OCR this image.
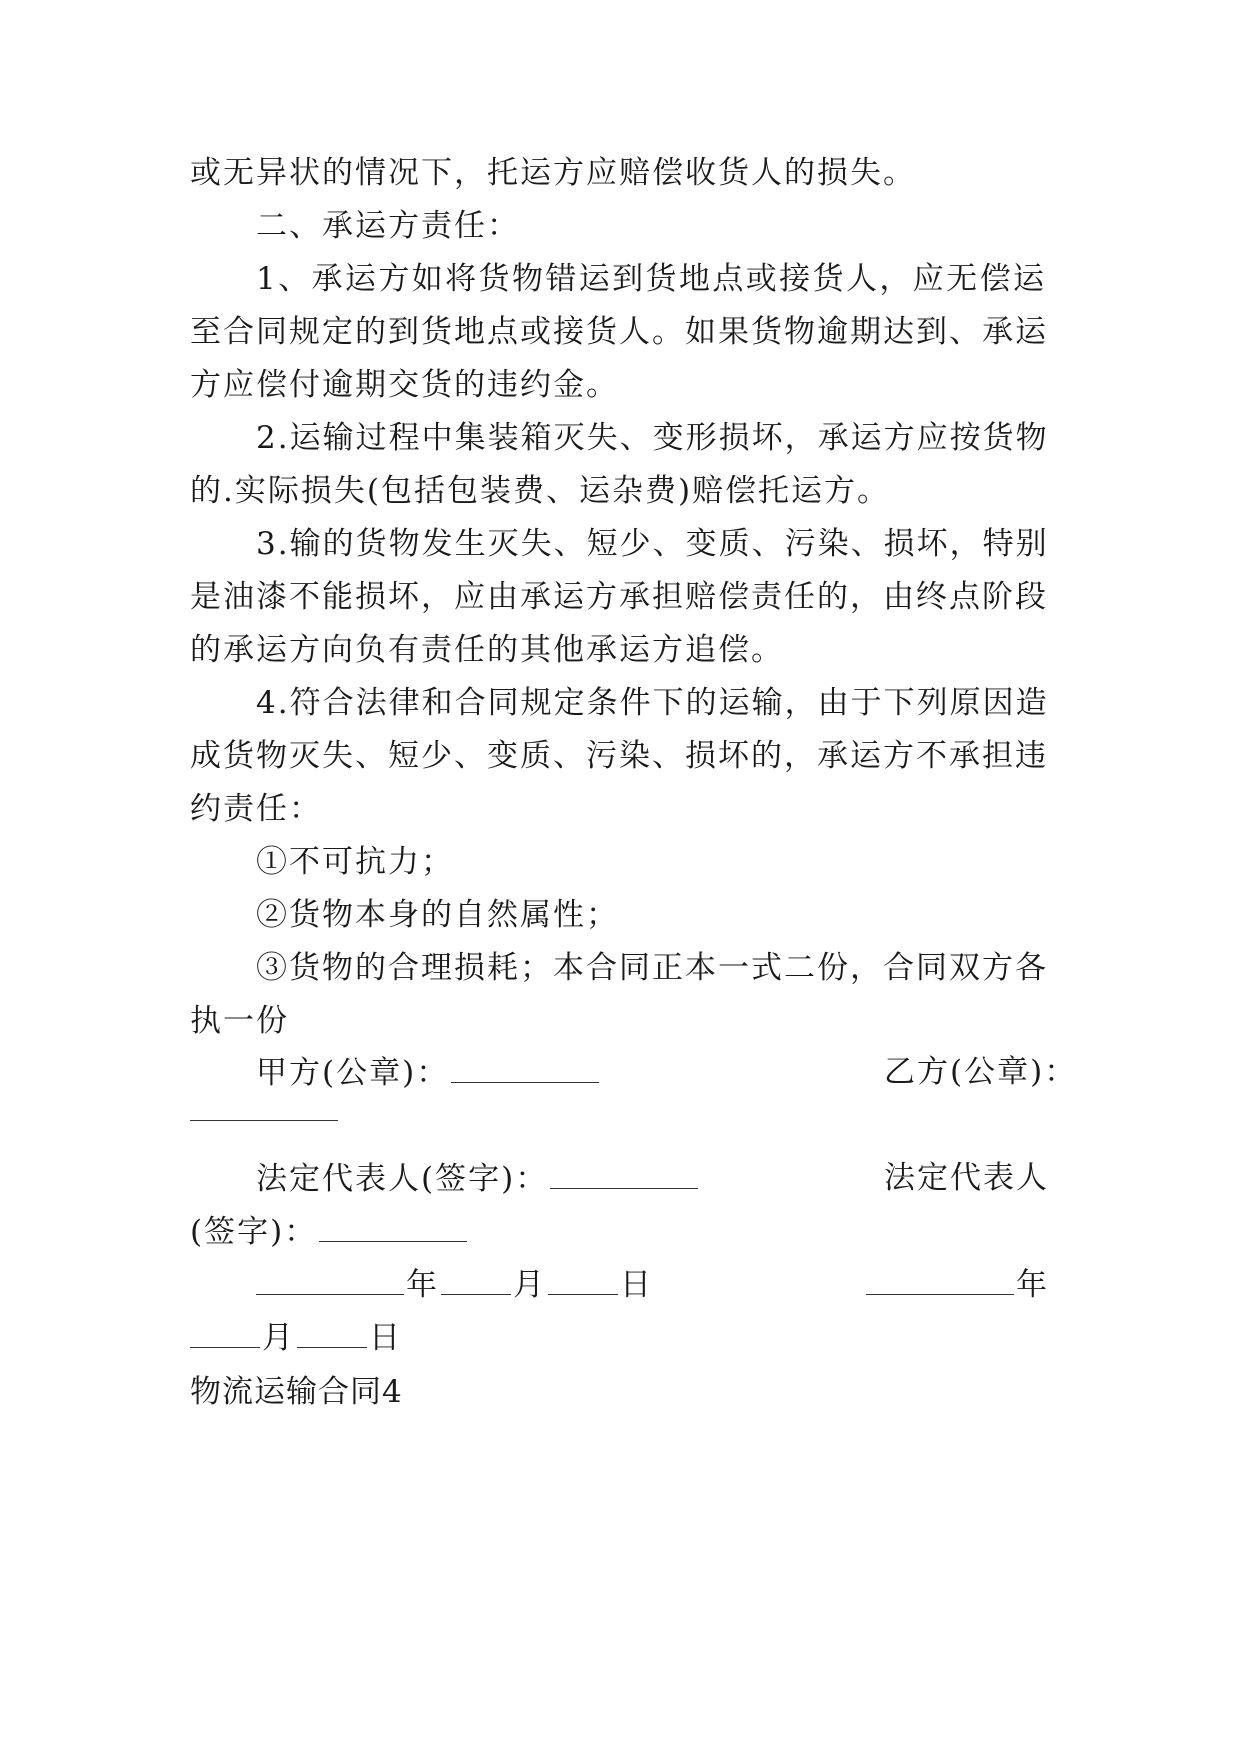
或无异状的情况下，托运方应赔偿收货人的损失。
二、承运方责任：
1、承运方如将货物错运到货地点或接货人，应无偿运
至合同规定的到货地点或接货人。如果货物逾期达到、承运
方应偿付逾期交货的违约金。
2.运输过程中集装箱灭失、变形损坏，承运方应按货物
的.实际损失(包括包装费、运杂费)赔偿托运方。
3.输的货物发生灭失、短少、变质、污染、损坏，特别
是油漆不能损坏，应由承运方承担赔偿责任的，由终点阶段
的承运方向负有责任的其他承运方追偿。
4.符合法律和合同规定条件下的运输，由于下列原因造
成货物灭失、短少、变质、污染、损坏的，承运方不承担违
约责任：
①不可抗力；
②货物本身的自然属性；
③货物的合理损耗；本合同正本一式二份，合同双方各
执一份
甲方(公章)：	乙方(公章)：
法定代表人(签字)：	法定代表人
(签字)：
年 月 日	年
月 日
物流运输合同4
